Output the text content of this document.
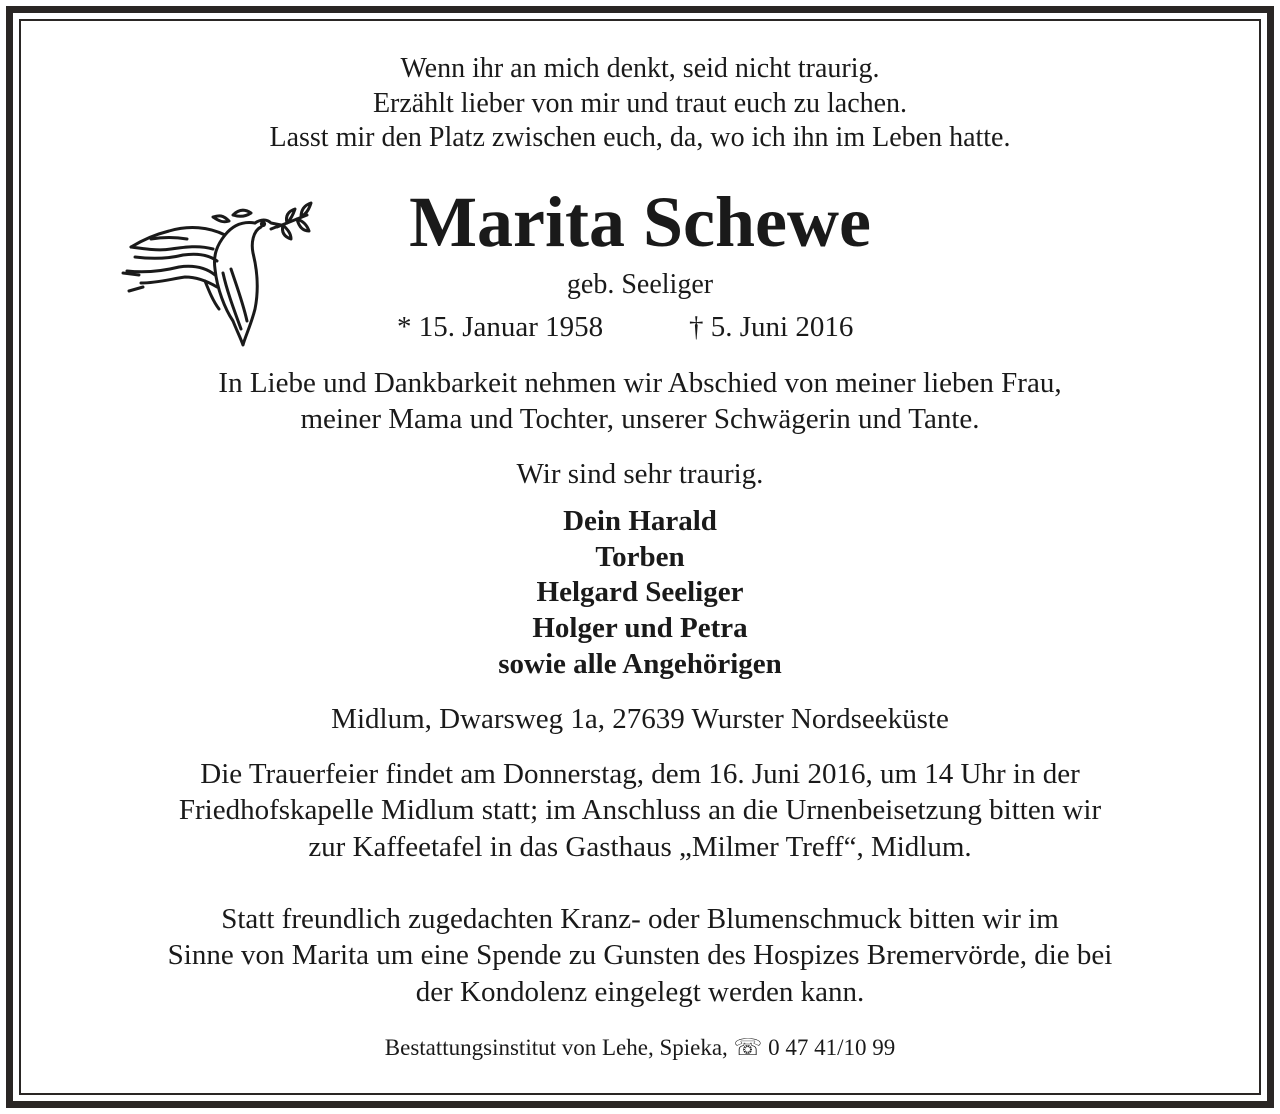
Wenn ihr an mich denkt, seid nicht traurig.
Erzählt lieber von mir und traut euch zu lachen.
Lasst mir den Platz zwischen euch, da, wo ich ihn im Leben hatte.
Marita Schewe
geb. Seeliger
* 15. Januar 1958	† 5. Juni 2016
In Liebe und Dankbarkeit nehmen wir Abschied von meiner lieben Frau,
meiner Mama und Tochter, unserer Schwägerin und Tante.
Wir sind sehr traurig.
Dein Harald
Torben
Helgard Seeliger
Holger und Petra
sowie alle Angehörigen
Midlum, Dwarsweg 1a, 27639 Wurster Nordseeküste
Die Trauerfeier findet am Donnerstag, dem 16. Juni 2016, um 14 Uhr in der
Friedhofskapelle Midlum statt; im Anschluss an die Urnenbeisetzung bitten wir
zur Kaffeetafel in das Gasthaus „Milmer Treff“, Midlum.
Statt freundlich zugedachten Kranz- oder Blumenschmuck bitten wir im
Sinne von Marita um eine Spende zu Gunsten des Hospizes Bremervörde, die bei
der Kondolenz eingelegt werden kann.
Bestattungsinstitut von Lehe, Spieka, ☏ 0 47 41/10 99
